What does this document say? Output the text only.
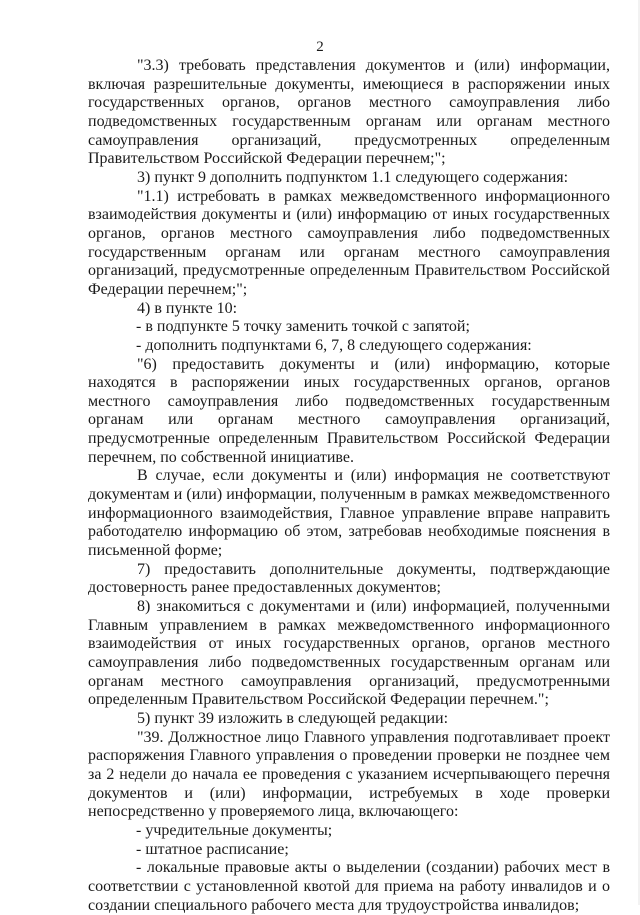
2

"3.3) требовать представления документов и (или) информации, включая разрешительные документы, имеющиеся в распоряжении иных государственных органов, органов местного самоуправления либо подведомственных государственным органам или органам местного самоуправления организаций, предусмотренных определенным Правительством Российской Федерации перечнем;";

3) пункт 9 дополнить подпунктом 1.1 следующего содержания:

"1.1) истребовать в рамках межведомственного информационного взаимодействия документы и (или) информацию от иных государственных органов, органов местного самоуправления либо подведомственных государственным органам или органам местного самоуправления организаций, предусмотренные определенным Правительством Российской Федерации перечнем;";

4) в пункте 10:

- в подпункте 5 точку заменить точкой с запятой;

- дополнить подпунктами 6, 7, 8 следующего содержания:

"6) предоставить документы и (или) информацию, которые находятся в распоряжении иных государственных органов, органов местного самоуправления либо подведомственных государственным органам или органам местного самоуправления организаций, предусмотренные определенным Правительством Российской Федерации перечнем, по собственной инициативе.

В случае, если документы и (или) информация не соответствуют документам и (или) информации, полученным в рамках межведомственного информационного взаимодействия, Главное управление вправе направить работодателю информацию об этом, затребовав необходимые пояснения в письменной форме;

7) предоставить дополнительные документы, подтверждающие достоверность ранее предоставленных документов;

8) знакомиться с документами и (или) информацией, полученными Главным управлением в рамках межведомственного информационного взаимодействия от иных государственных органов, органов местного самоуправления либо подведомственных государственным органам или органам местного самоуправления организаций, предусмотренными определенным Правительством Российской Федерации перечнем.";

5) пункт 39 изложить в следующей редакции:

"39. Должностное лицо Главного управления подготавливает проект распоряжения Главного управления о проведении проверки не позднее чем за 2 недели до начала ее проведения с указанием исчерпывающего перечня документов и (или) информации, истребуемых в ходе проверки непосредственно у проверяемого лица, включающего:

- учредительные документы;

- штатное расписание;

- локальные правовые акты о выделении (создании) рабочих мест в соответствии с установленной квотой для приема на работу инвалидов и о создании специального рабочего места для трудоустройства инвалидов;
